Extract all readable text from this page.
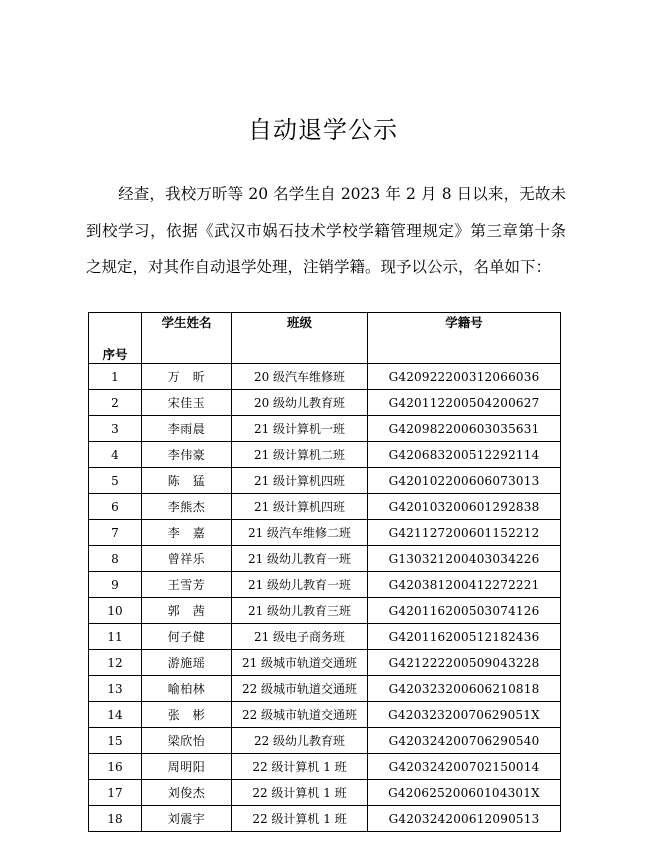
自动退学公示
经查，我校万昕等 20 名学生自 2023 年 2 月 8 日以来，无故未到校学习，依据《武汉市娲石技术学校学籍管理规定》第三章第十条之规定，对其作自动退学处理，注销学籍。现予以公示，名单如下：
序号	学生姓名	班级	学籍号
1	万　昕	20 级汽车维修班	G420922200312066036
2	宋佳玉	20 级幼儿教育班	G420112200504200627
3	李雨晨	21 级计算机一班	G420982200603035631
4	李伟豪	21 级计算机二班	G420683200512292114
5	陈　猛	21 级计算机四班	G420102200606073013
6	李熊杰	21 级计算机四班	G420103200601292838
7	李　嘉	21 级汽车维修二班	G421127200601152212
8	曾祥乐	21 级幼儿教育一班	G130321200403034226
9	王雪芳	21 级幼儿教育一班	G420381200412272221
10	郭　茜	21 级幼儿教育三班	G420116200503074126
11	何子健	21 级电子商务班	G420116200512182436
12	游施瑶	21 级城市轨道交通班	G421222200509043228
13	喻柏林	22 级城市轨道交通班	G420323200606210818
14	张　彬	22 级城市轨道交通班	G42032320070629051X
15	梁欣怡	22 级幼儿教育班	G420324200706290540
16	周明阳	22 级计算机 1 班	G420324200702150014
17	刘俊杰	22 级计算机 1 班	G42062520060104301X
18	刘震宇	22 级计算机 1 班	G420324200612090513
